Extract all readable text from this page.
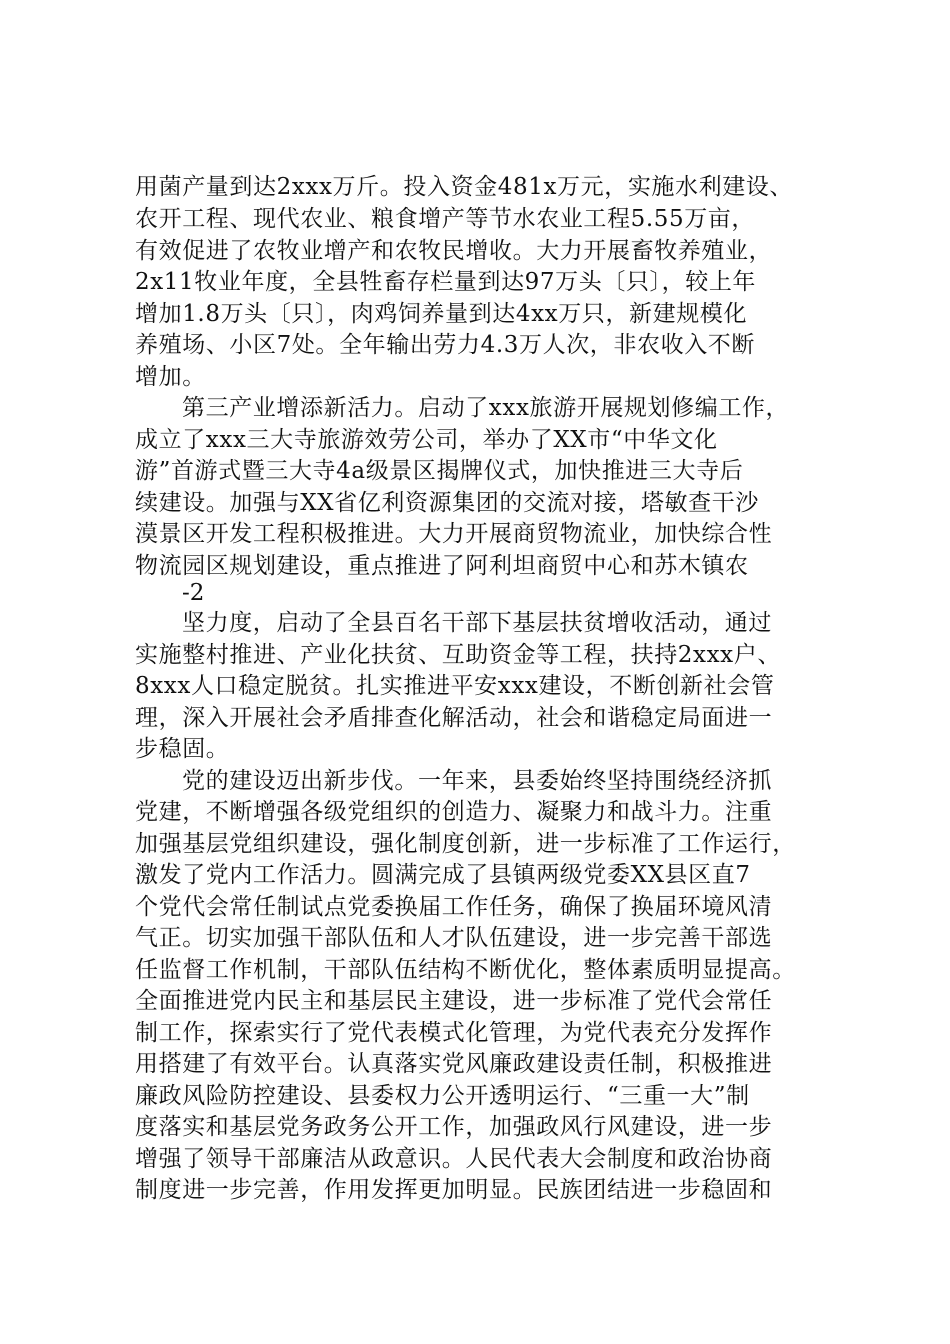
用菌产量到达2xxx万斤。投入资金481x万元，实施水利建设、
农开工程、现代农业、粮食增产等节水农业工程5.55万亩，
有效促进了农牧业增产和农牧民增收。大力开展畜牧养殖业，
2x11牧业年度，全县牲畜存栏量到达97万头〔只〕，较上年
增加1.8万头〔只〕，肉鸡饲养量到达4xx万只，新建规模化
养殖场、小区7处。全年输出劳力4.3万人次，非农收入不断
增加。
第三产业增添新活力。启动了xxx旅游开展规划修编工作，
成立了xxx三大寺旅游效劳公司，举办了XX市“中华文化
游”首游式暨三大寺4a级景区揭牌仪式，加快推进三大寺后
续建设。加强与XX省亿利资源集团的交流对接，塔敏查干沙
漠景区开发工程积极推进。大力开展商贸物流业，加快综合性
物流园区规划建设，重点推进了阿利坦商贸中心和苏木镇农
-2
坚力度，启动了全县百名干部下基层扶贫增收活动，通过
实施整村推进、产业化扶贫、互助资金等工程，扶持2xxx户、
8xxx人口稳定脱贫。扎实推进平安xxx建设，不断创新社会管
理，深入开展社会矛盾排查化解活动，社会和谐稳定局面进一
步稳固。
党的建设迈出新步伐。一年来，县委始终坚持围绕经济抓
党建，不断增强各级党组织的创造力、凝聚力和战斗力。注重
加强基层党组织建设，强化制度创新，进一步标准了工作运行，
激发了党内工作活力。圆满完成了县镇两级党委XX县区直7
个党代会常任制试点党委换届工作任务，确保了换届环境风清
气正。切实加强干部队伍和人才队伍建设，进一步完善干部选
任监督工作机制，干部队伍结构不断优化，整体素质明显提高。
全面推进党内民主和基层民主建设，进一步标准了党代会常任
制工作，探索实行了党代表模式化管理，为党代表充分发挥作
用搭建了有效平台。认真落实党风廉政建设责任制，积极推进
廉政风险防控建设、县委权力公开透明运行、“三重一大”制
度落实和基层党务政务公开工作，加强政风行风建设，进一步
增强了领导干部廉洁从政意识。人民代表大会制度和政治协商
制度进一步完善，作用发挥更加明显。民族团结进一步稳固和
